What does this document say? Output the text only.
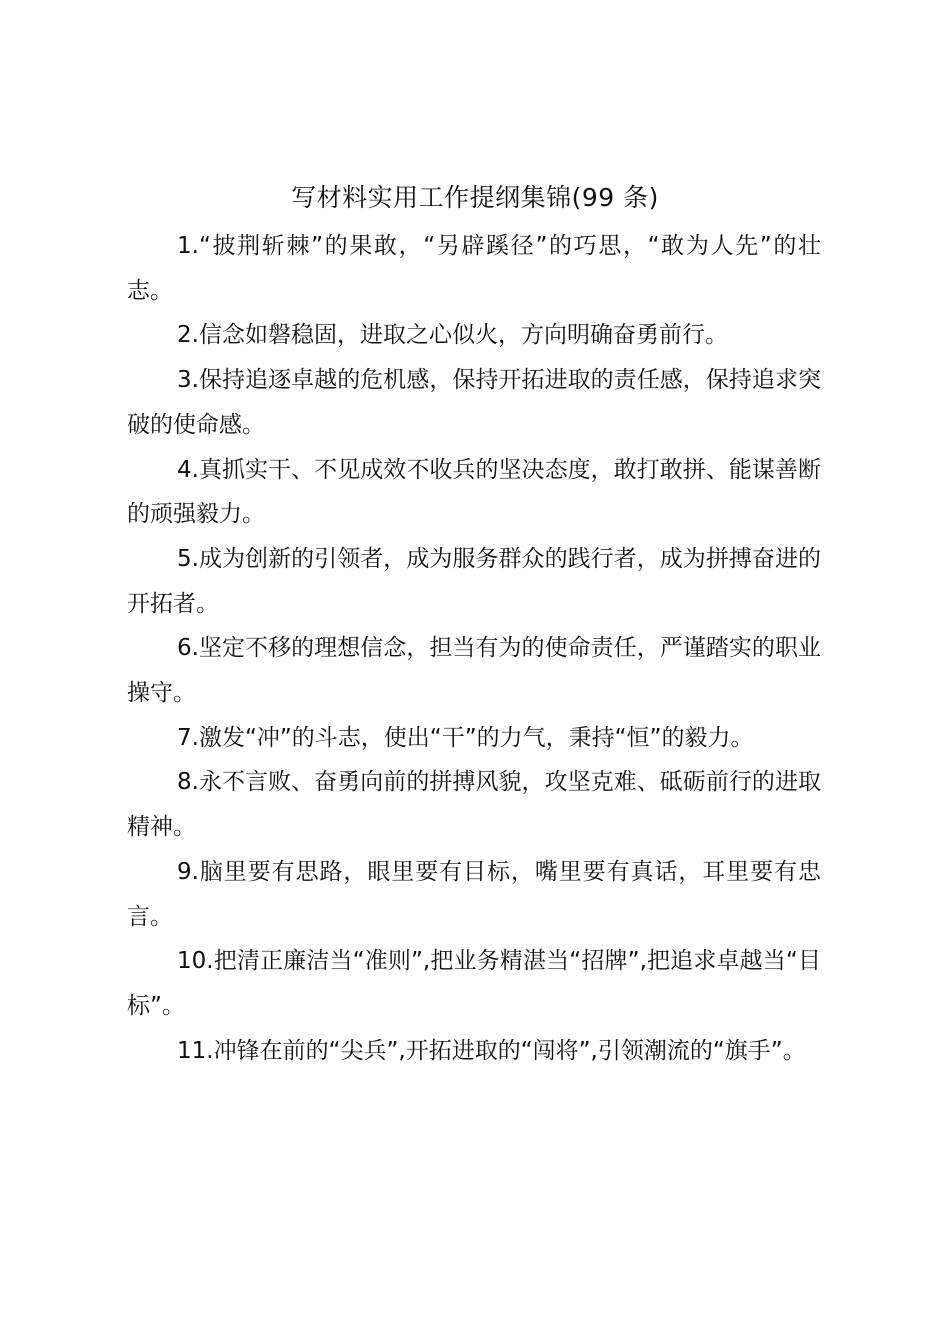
写材料实用工作提纲集锦(99 条)

1.“披荆斩棘”的果敢，“另辟蹊径”的巧思，“敢为人先”的壮志。

2.信念如磐稳固，进取之心似火，方向明确奋勇前行。

3.保持追逐卓越的危机感，保持开拓进取的责任感，保持追求突破的使命感。

4.真抓实干、不见成效不收兵的坚决态度，敢打敢拼、能谋善断的顽强毅力。

5.成为创新的引领者，成为服务群众的践行者，成为拼搏奋进的开拓者。

6.坚定不移的理想信念，担当有为的使命责任，严谨踏实的职业操守。

7.激发“冲”的斗志，使出“干”的力气，秉持“恒”的毅力。

8.永不言败、奋勇向前的拼搏风貌，攻坚克难、砥砺前行的进取精神。

9.脑里要有思路，眼里要有目标，嘴里要有真话，耳里要有忠言。

10.把清正廉洁当“准则”,把业务精湛当“招牌”,把追求卓越当“目标”。

11.冲锋在前的“尖兵”,开拓进取的“闯将”,引领潮流的“旗手”。
